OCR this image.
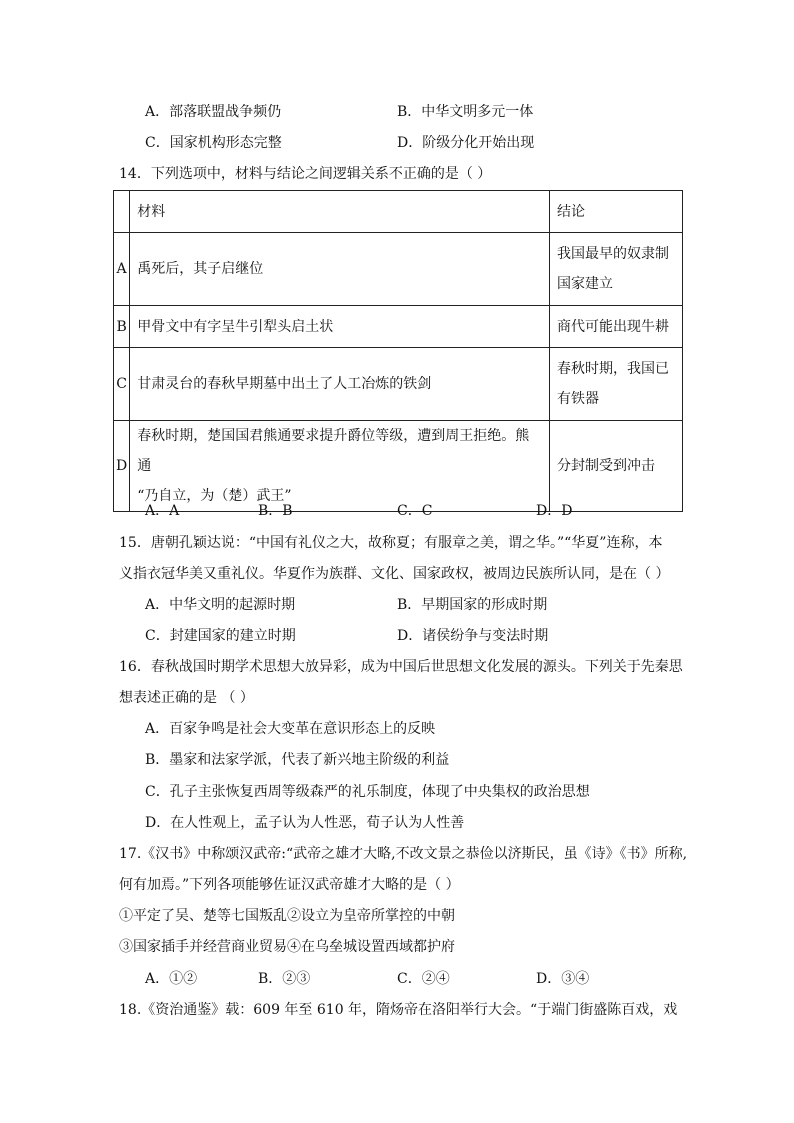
A．部落联盟战争频仍	B．中华文明多元一体
C．国家机构形态完整	D．阶级分化开始出现
14．下列选项中，材料与结论之间逻辑关系不正确的是（ ）
	材料	结论
A	禹死后，其子启继位	我国最早的奴隶制
国家建立

B	甲骨文中有字呈牛引犁头启土状	商代可能出现牛耕
C	甘肃灵台的春秋早期墓中出土了人工冶炼的铁剑	春秋时期，我国已
有铁器

D	春秋时期，楚国国君熊通要求提升爵位等级，遭到周王拒绝。熊通
“乃自立，为（楚）武王”	分封制受到冲击
A．A	B．B	C．C	D．D
15．唐朝孔颖达说：“中国有礼仪之大，故称夏；有服章之美，谓之华。”“华夏”连称，本
义指衣冠华美又重礼仪。华夏作为族群、文化、国家政权，被周边民族所认同，是在（ ）
A．中华文明的起源时期	B．早期国家的形成时期
C．封建国家的建立时期	D．诸侯纷争与变法时期
16．春秋战国时期学术思想大放异彩，成为中国后世思想文化发展的源头。下列关于先秦思
想表述正确的是 （ ）
A．百家争鸣是社会大变革在意识形态上的反映
B．墨家和法家学派，代表了新兴地主阶级的利益
C．孔子主张恢复西周等级森严的礼乐制度，体现了中央集权的政治思想
D．在人性观上，孟子认为人性恶，荀子认为人性善
17.《汉书》中称颂汉武帝:“武帝之雄才大略,不改文景之恭俭以济斯民，虽《诗》《书》所称,
何有加焉。”下列各项能够佐证汉武帝雄才大略的是（ ）
①平定了吴、楚等七国叛乱②设立为皇帝所掌控的中朝
③国家插手并经营商业贸易④在乌垒城设置西域都护府
A．①②	B．②③	C．②④	D．③④
18.《资治通鉴》载：609 年至 610 年，隋炀帝在洛阳举行大会。“于端门街盛陈百戏，戏
